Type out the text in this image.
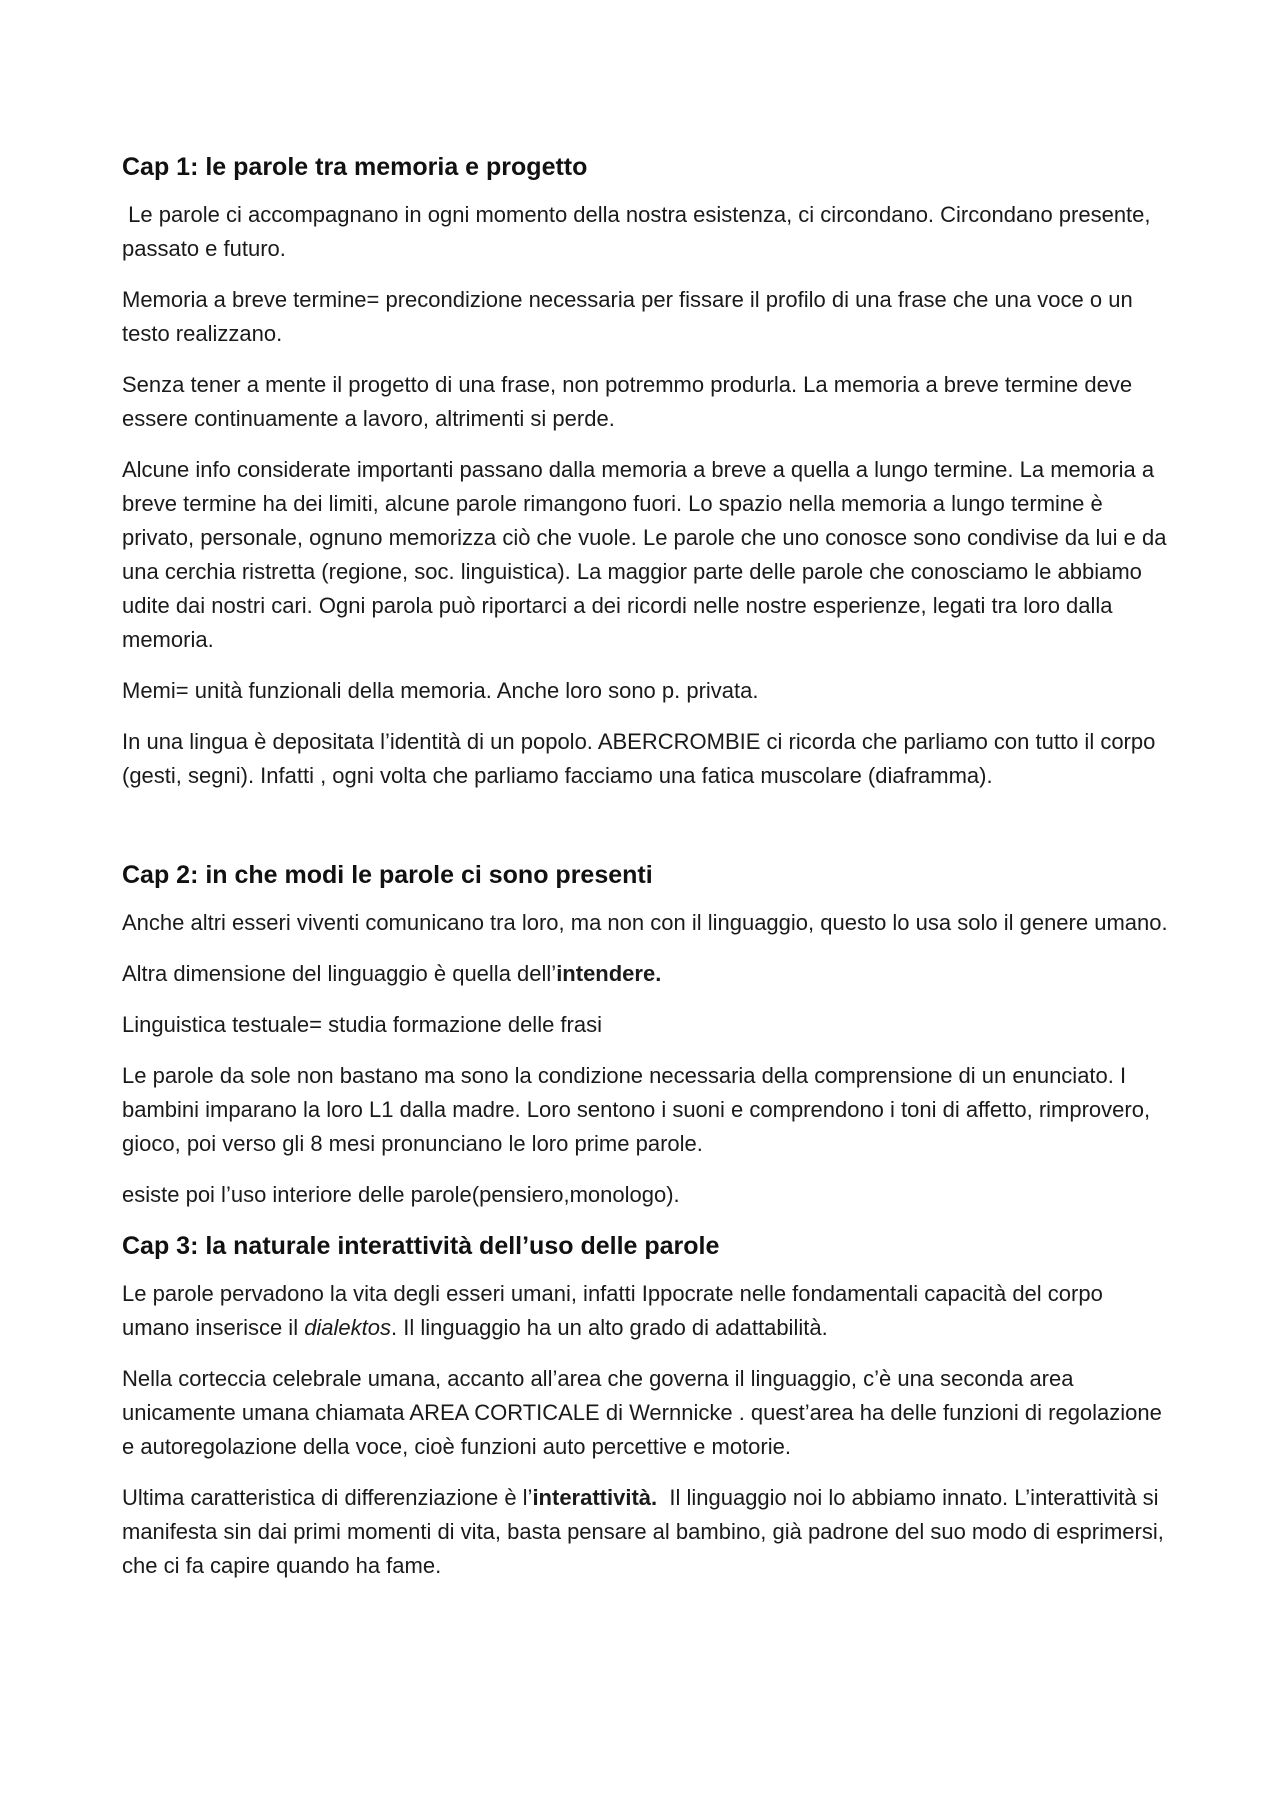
Cap 1: le parole tra memoria e progetto

Le parole ci accompagnano in ogni momento della nostra esistenza, ci circondano. Circondano presente, passato e futuro.

Memoria a breve termine= precondizione necessaria per fissare il profilo di una frase che una voce o un testo realizzano.

Senza tener a mente il progetto di una frase, non potremmo produrla. La memoria a breve termine deve essere continuamente a lavoro, altrimenti si perde.

Alcune info considerate importanti passano dalla memoria a breve a quella a lungo termine. La memoria a breve termine ha dei limiti, alcune parole rimangono fuori. Lo spazio nella memoria a lungo termine è privato, personale, ognuno memorizza ciò che vuole. Le parole che uno conosce sono condivise da lui e da una cerchia ristretta (regione, soc. linguistica). La maggior parte delle parole che conosciamo le abbiamo udite dai nostri cari. Ogni parola può riportarci a dei ricordi nelle nostre esperienze, legati tra loro dalla memoria.

Memi= unità funzionali della memoria. Anche loro sono p. privata.

In una lingua è depositata l’identità di un popolo. ABERCROMBIE ci ricorda che parliamo con tutto il corpo (gesti, segni). Infatti , ogni volta che parliamo facciamo una fatica muscolare (diaframma).

Cap 2: in che modi le parole ci sono presenti

Anche altri esseri viventi comunicano tra loro, ma non con il linguaggio, questo lo usa solo il genere umano.

Altra dimensione del linguaggio è quella dell’intendere.

Linguistica testuale= studia formazione delle frasi

Le parole da sole non bastano ma sono la condizione necessaria della comprensione di un enunciato. I bambini imparano la loro L1 dalla madre. Loro sentono i suoni e comprendono i toni di affetto, rimprovero, gioco, poi verso gli 8 mesi pronunciano le loro prime parole.

esiste poi l’uso interiore delle parole(pensiero,monologo).

Cap 3: la naturale interattività dell’uso delle parole

Le parole pervadono la vita degli esseri umani, infatti Ippocrate nelle fondamentali capacità del corpo umano inserisce il dialektos. Il linguaggio ha un alto grado di adattabilità.

Nella corteccia celebrale umana, accanto all’area che governa il linguaggio, c’è una seconda area unicamente umana chiamata AREA CORTICALE di Wernnicke . quest’area ha delle funzioni di regolazione e autoregolazione della voce, cioè funzioni auto percettive e motorie.

Ultima caratteristica di differenziazione è l’interattività.  Il linguaggio noi lo abbiamo innato. L’interattività si manifesta sin dai primi momenti di vita, basta pensare al bambino, già padrone del suo modo di esprimersi, che ci fa capire quando ha fame.
